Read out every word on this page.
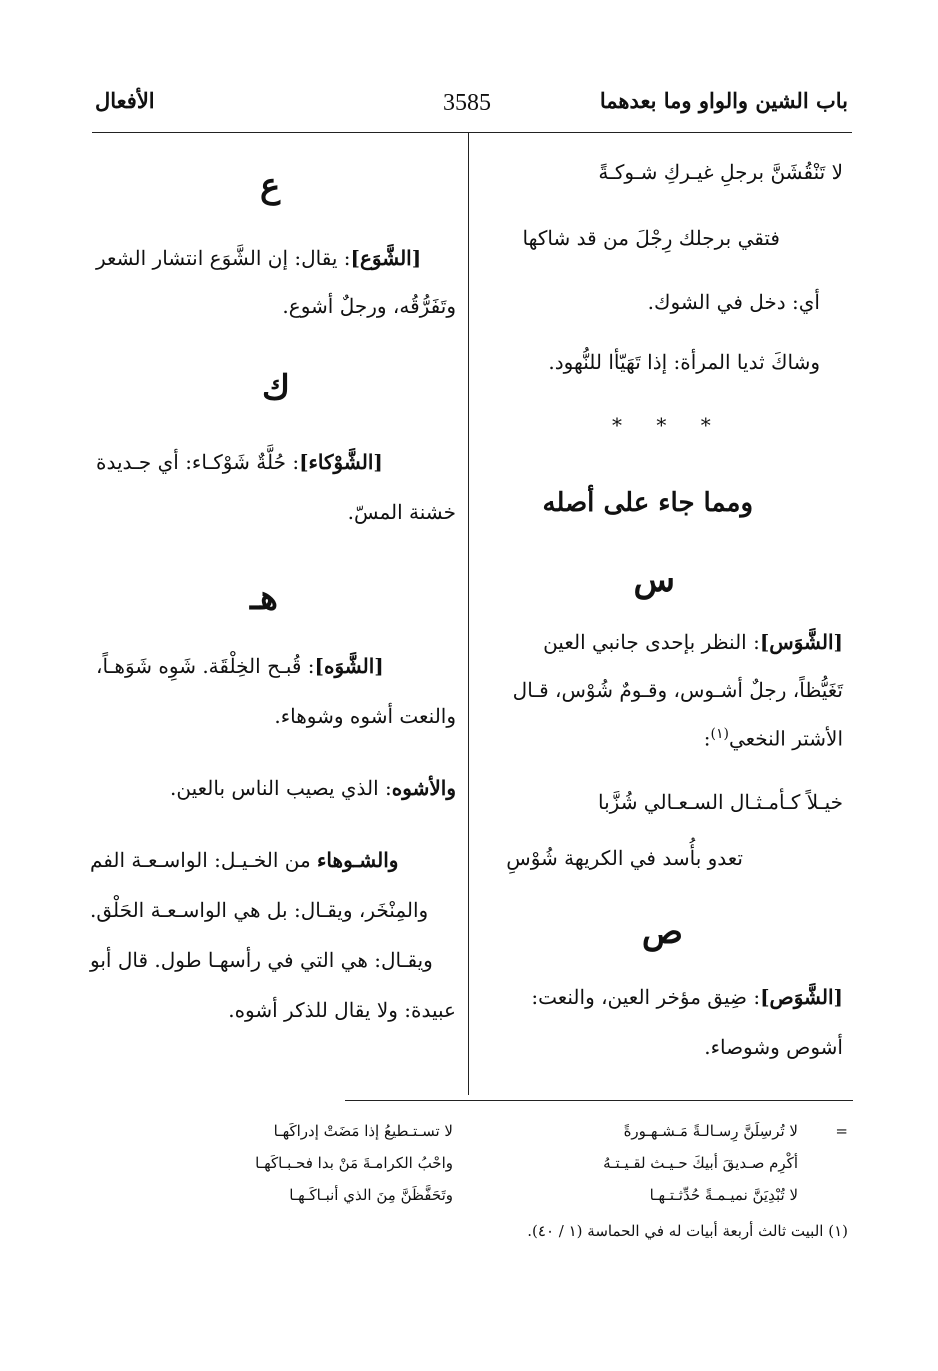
باب الشين والواو وما بعدهما
3585
الأفعال
لا تَنْقُشَنَّ برجلِ غيـركِ شـوكـةً
فتقي برجلك رِجْلَ من قد شاكها
أي: دخل في الشوك.
وشاكَ ثديا المرأة: إذا تَهَيّأا للنُّهود.
* * *
ومما جاء على أصله
س
[الشَّوَس]: النظر بإحدى جانبي العين
تَغَيُّظاً، رجلٌ أشـوس، وقـومٌ شُوْس، قـال
الأشتر النخعي$^{(١)}$:
خيـلاً كـأمـثـال السـعـالي شُزَّبا
تعدو بأُسد في الكريهة شُوْسِ
ص
[الشَّوَص]: ضِيق مؤخر العين، والنعت:
أشوص وشوصاء.
ع
[الشَّوَع]: يقال: إن الشَّوَع انتشار الشعر
وتَفَرُّقُه، ورجلٌ أشوع.
ك
[الشَّوْكاء]: حُلَّةٌ شَوْكـاء: أي جـديدة
خشنة المسّ.
هـ
[الشَّوَه]: قُبـح الخِلْقَة. شَوِه شَوَهـاً،
والنعت أشوه وشوهاء.
والأشوه: الذي يصيب الناس بالعين.
والشـوهاء من الخـيـل: الواسـعـة الفم
والمِنْخَر، ويقـال: بل هي الواسـعـة الحَلْق.
ويقـال: هي التي في رأسهـا طول. قال أبو
عبيدة: ولا يقال للذكر أشوه.
=
لا تُرسِلَنَّ رِسـالـةً مَـشـهـورةً
أكْرِم صـديقَ أبيكَ حـيـث لقـيـتـهُ
لا تُبْدِيَنَّ نميـمـةً حُدِّثـتـهـا
لا تسـتـطيعُ إذا مَضَتْ إدراكَهـا
واحْبُ الكرامـةَ مَنْ بدا فحـبـاكَهـا
وتَحَفَّظَنَّ مِنَ الذي أنبـاكَـهـا
(١) البيت ثالث أربعة أبيات له في الحماسة (١ / ٤٠).
